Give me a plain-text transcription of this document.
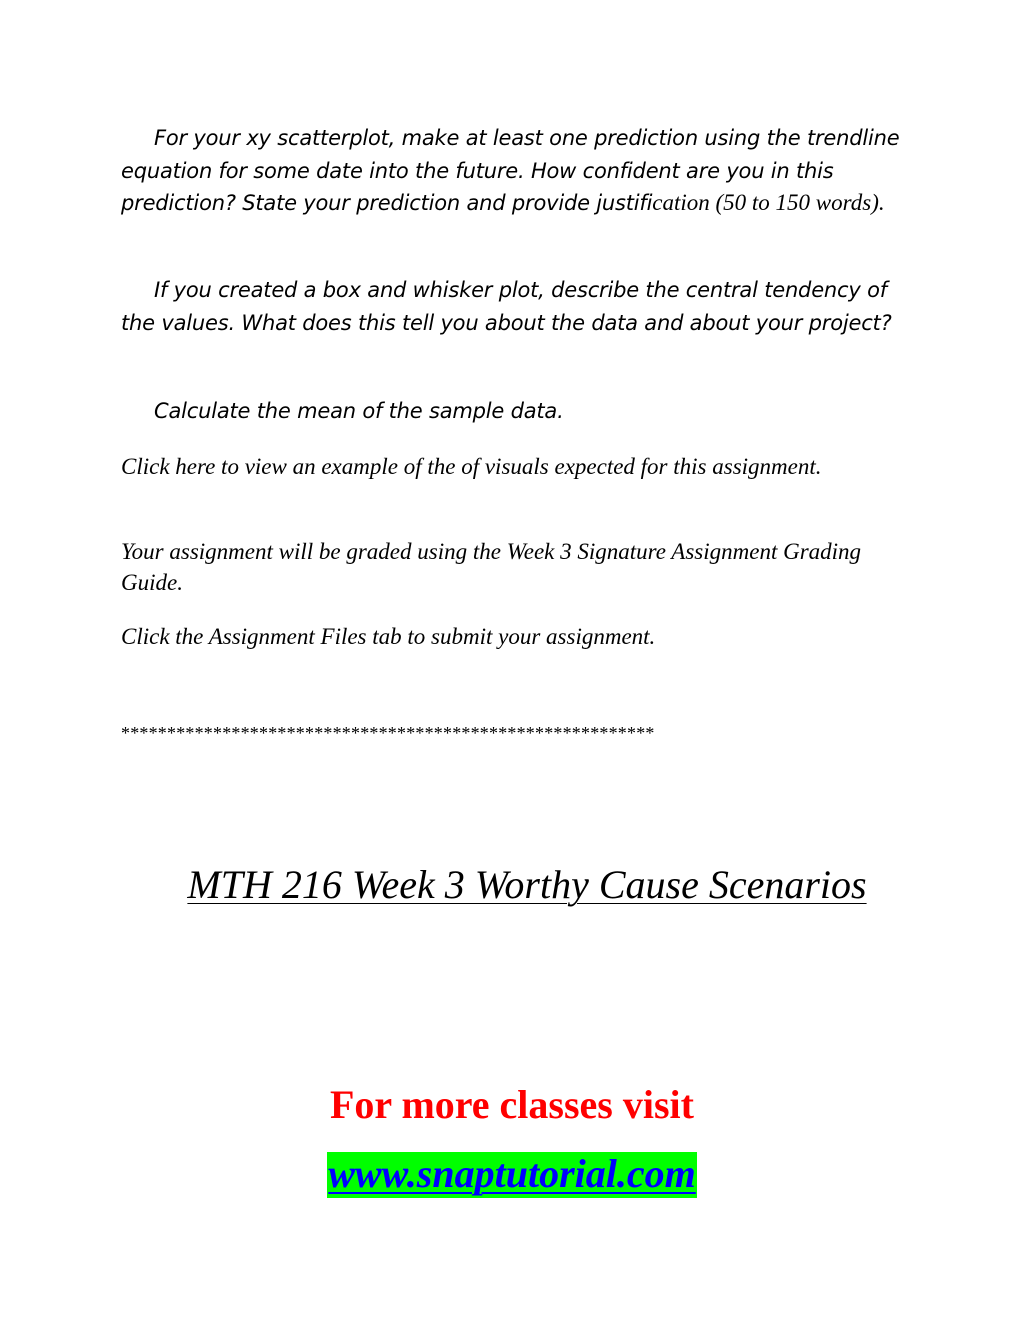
For your xy scatterplot, make at least one prediction using the trendline equation for some date into the future. How confident are you in this prediction? State your prediction and provide justification (50 to 150 words).

If you created a box and whisker plot, describe the central tendency of the values. What does this tell you about the data and about your project?

Calculate the mean of the sample data.

Click here to view an example of the of visuals expected for this assignment.

Your assignment will be graded using the Week 3 Signature Assignment Grading Guide.

Click the Assignment Files tab to submit your assignment.

**********************************************************
MTH 216 Week 3 Worthy Cause Scenarios
For more classes visit
www.snaptutorial.com
